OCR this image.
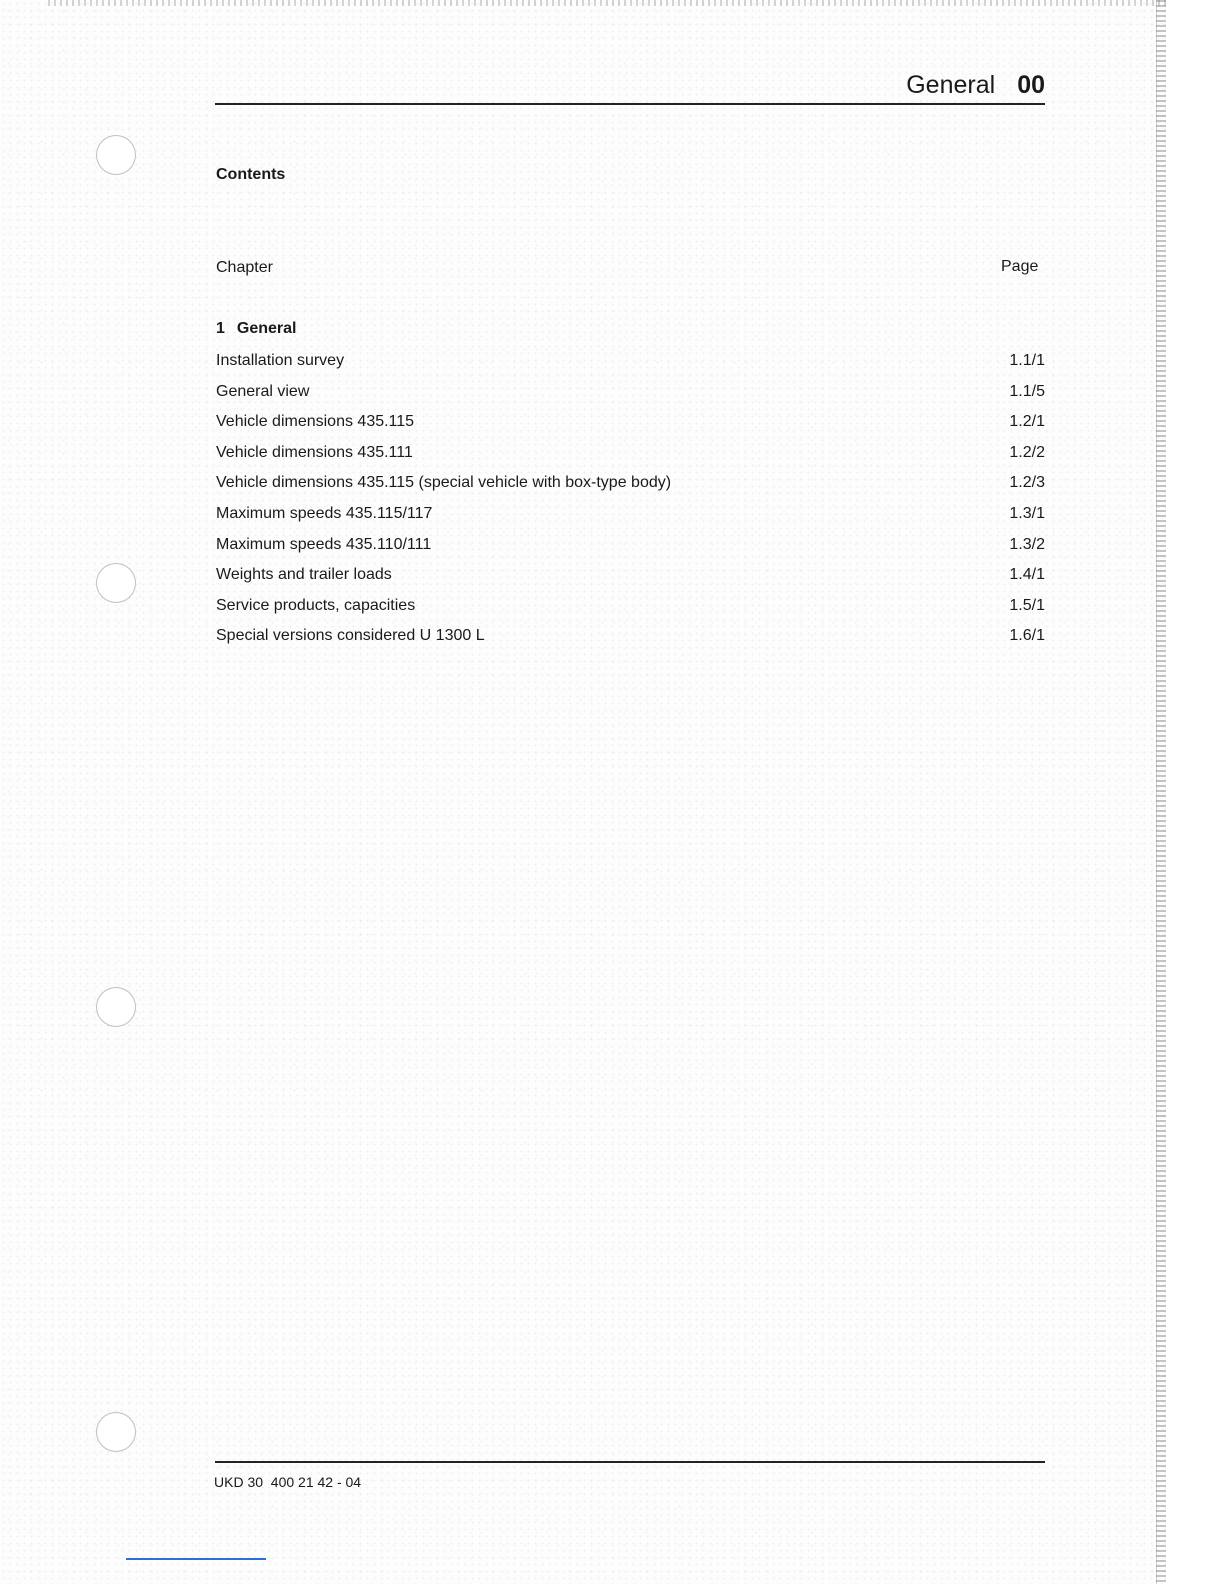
General 00
Contents
Chapter	Page
1 General
Installation survey	1.1/1
General view	1.1/5
Vehicle dimensions 435.115	1.2/1
Vehicle dimensions 435.111	1.2/2
Vehicle dimensions 435.115 (special vehicle with box-type body)	1.2/3
Maximum speeds 435.115/117	1.3/1
Maximum speeds 435.110/111	1.3/2
Weights and trailer loads	1.4/1
Service products, capacities	1.5/1
Special versions considered U 1300 L	1.6/1
UKD 30  400 21 42 - 04
